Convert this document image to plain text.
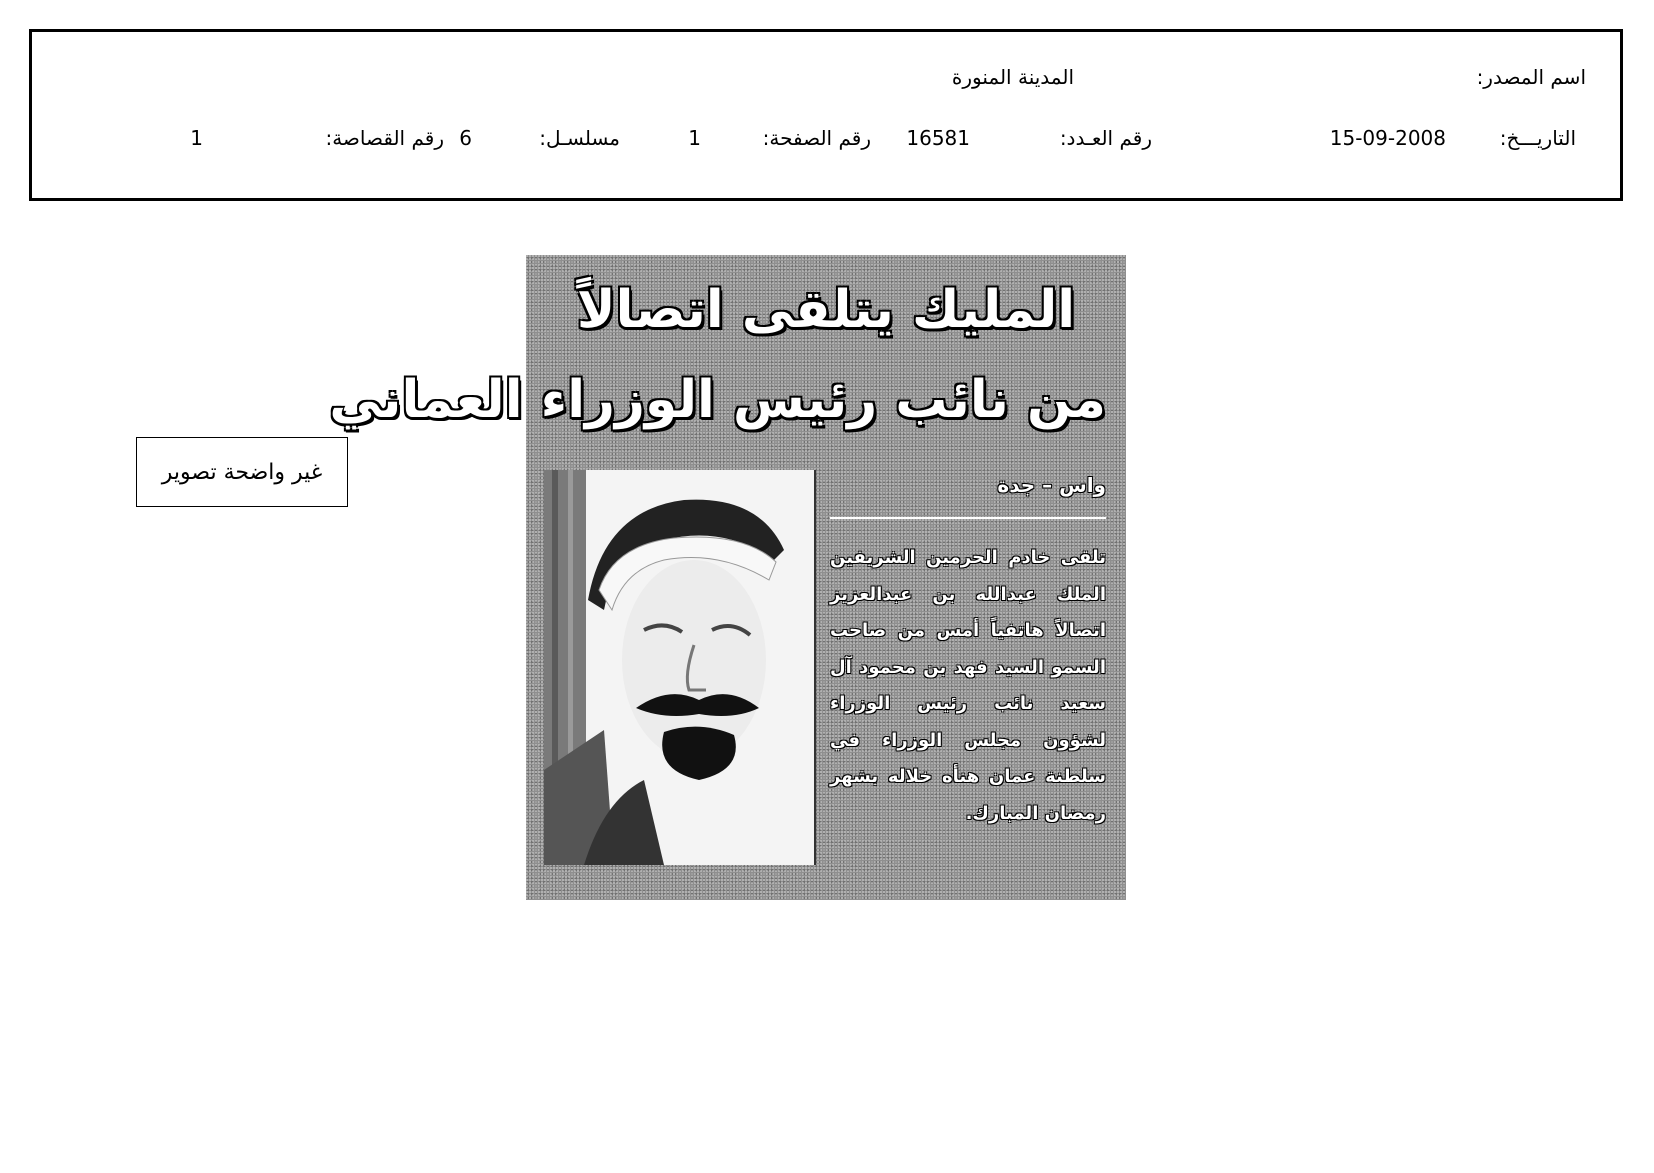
اسم المصدر:
المدينة المنورة
التاريـــخ:
15-09-2008
رقم العـدد:
16581
رقم الصفحة:
1
مسلسـل:
6
رقم القصاصة:
1
غير واضحة تصوير
المليك يتلقى اتصالاً
من نائب رئيس الوزراء العماني
واس – جدة
تلقى خادم الحرمين الشريفين الملك عبدالله بن عبدالعزيز اتصالاً هاتفياً أمس من صاحب السمو السيد فهد بن محمود آل سعيد نائب رئيس الوزراء لشؤون مجلس الوزراء في سلطنة عمان هنأه خلاله بشهر رمضان المبارك.
